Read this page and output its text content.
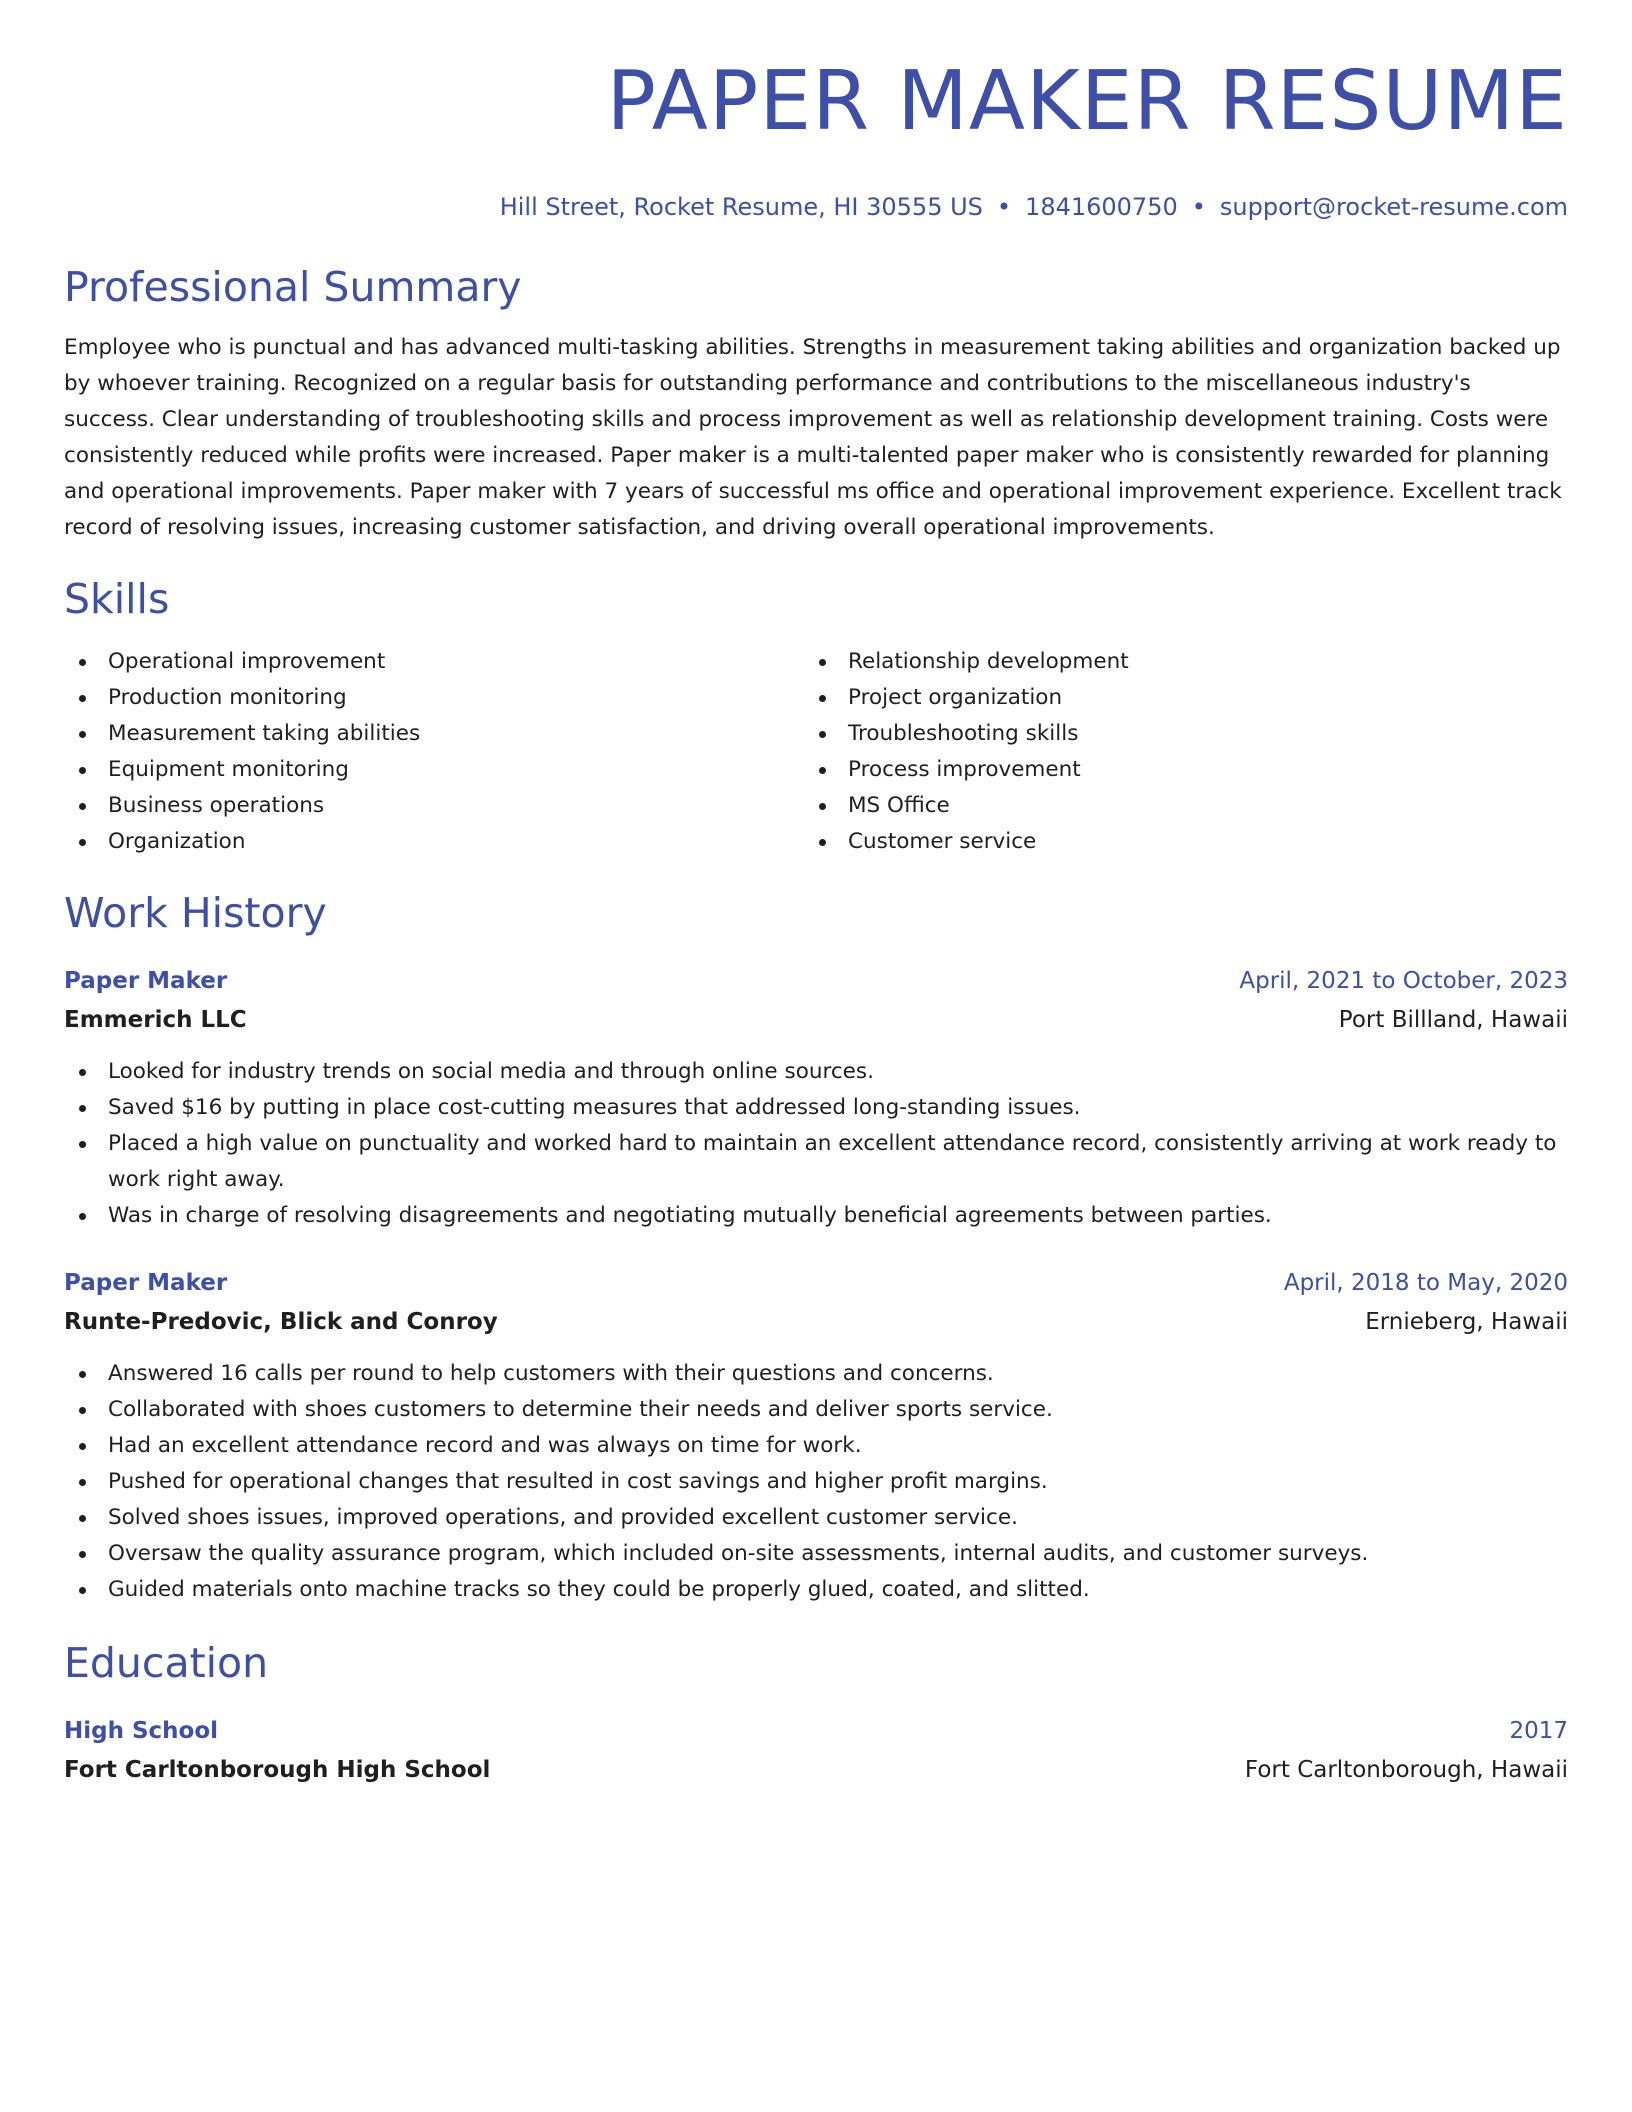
PAPER MAKER RESUME
Hill Street, Rocket Resume, HI 30555 US • 1841600750 • support@rocket-resume.com
Professional Summary
Employee who is punctual and has advanced multi-tasking abilities. Strengths in measurement taking abilities and organization backed up by whoever training. Recognized on a regular basis for outstanding performance and contributions to the miscellaneous industry's success. Clear understanding of troubleshooting skills and process improvement as well as relationship development training. Costs were consistently reduced while profits were increased. Paper maker is a multi-talented paper maker who is consistently rewarded for planning and operational improvements. Paper maker with 7 years of successful ms office and operational improvement experience. Excellent track record of resolving issues, increasing customer satisfaction, and driving overall operational improvements.
Skills
Operational improvement
Production monitoring
Measurement taking abilities
Equipment monitoring
Business operations
Organization
Relationship development
Project organization
Troubleshooting skills
Process improvement
MS Office
Customer service
Work History
Paper Maker	April, 2021 to October, 2023
Emmerich LLC	Port Billland, Hawaii
Looked for industry trends on social media and through online sources.
Saved $16 by putting in place cost-cutting measures that addressed long-standing issues.
Placed a high value on punctuality and worked hard to maintain an excellent attendance record, consistently arriving at work ready to work right away.
Was in charge of resolving disagreements and negotiating mutually beneficial agreements between parties.
Paper Maker	April, 2018 to May, 2020
Runte-Predovic, Blick and Conroy	Ernieberg, Hawaii
Answered 16 calls per round to help customers with their questions and concerns.
Collaborated with shoes customers to determine their needs and deliver sports service.
Had an excellent attendance record and was always on time for work.
Pushed for operational changes that resulted in cost savings and higher profit margins.
Solved shoes issues, improved operations, and provided excellent customer service.
Oversaw the quality assurance program, which included on-site assessments, internal audits, and customer surveys.
Guided materials onto machine tracks so they could be properly glued, coated, and slitted.
Education
High School	2017
Fort Carltonborough High School	Fort Carltonborough, Hawaii
